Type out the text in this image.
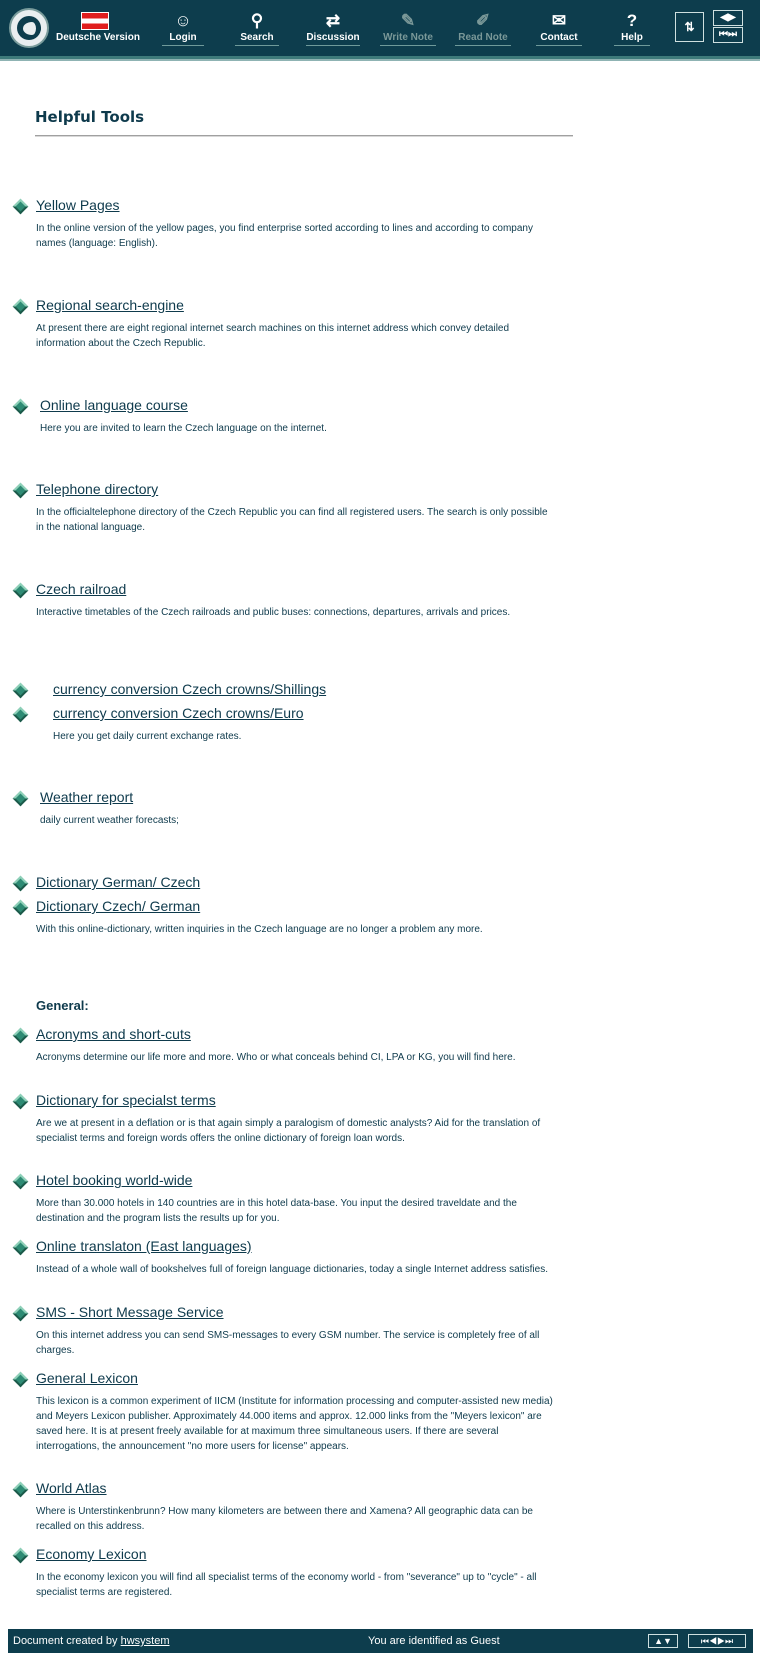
Deutsche Version
☺
Login
⚲
Search
⇄
Discussion
✎
Write Note
✐
Read Note
✉
Contact
?
Help
⇅
◀▶
⏮⏭
Helpful Tools
Yellow Pages
In the online version of the yellow pages, you find enterprise sorted according to lines and according to company names (language: English).
Regional search-engine
At present there are eight regional internet search machines on this internet address which convey detailed information about the Czech Republic.
Online language course
Here you are invited to learn the Czech language on the internet.
Telephone directory
In the officialtelephone directory of the Czech Republic you can find all registered users. The search is only possible in the national language.
Czech railroad
Interactive timetables of the Czech railroads and public buses: connections, departures, arrivals and prices.
currency conversion Czech crowns/Shillings
currency conversion Czech crowns/Euro
Here you get daily current exchange rates.
Weather report
daily current weather forecasts;
Dictionary German/ Czech
Dictionary Czech/ German
With this online-dictionary, written inquiries in the Czech language are no longer a problem any more.
General:
Acronyms and short-cuts
Acronyms determine our life more and more. Who or what conceals behind CI, LPA or KG, you will find here.
Dictionary for specialst terms
Are we at present in a deflation or is that again simply a paralogism of domestic analysts? Aid for the translation of specialist terms and foreign words offers the online dictionary of foreign loan words.
Hotel booking world-wide
More than 30.000 hotels in 140 countries are in this hotel data-base. You input the desired traveldate and the destination and the program lists the results up for you.
Online translaton (East languages)
Instead of a whole wall of bookshelves full of foreign language dictionaries, today a single Internet address satisfies.
SMS - Short Message Service
On this internet address you can send SMS-messages to every GSM number. The service is completely free of all charges.
General Lexicon
This lexicon is a common experiment of IICM (Institute for information processing and computer-assisted new media) and Meyers Lexicon publisher. Approximately 44.000 items and approx. 12.000 links from the "Meyers lexicon" are saved here. It is at present freely available for at maximum three simultaneous users. If there are several interrogations, the announcement "no more users for license" appears.
World Atlas
Where is Unterstinkenbrunn? How many kilometers are between there and Xamena? All geographic data can be recalled on this address.
Economy Lexicon
In the economy lexicon you will find all specialist terms of the economy world - from "severance" up to "cycle" - all specialist terms are registered.
Document created by hwsystem	You are identified as Guest	▲▼	⏮◀▶⏭
